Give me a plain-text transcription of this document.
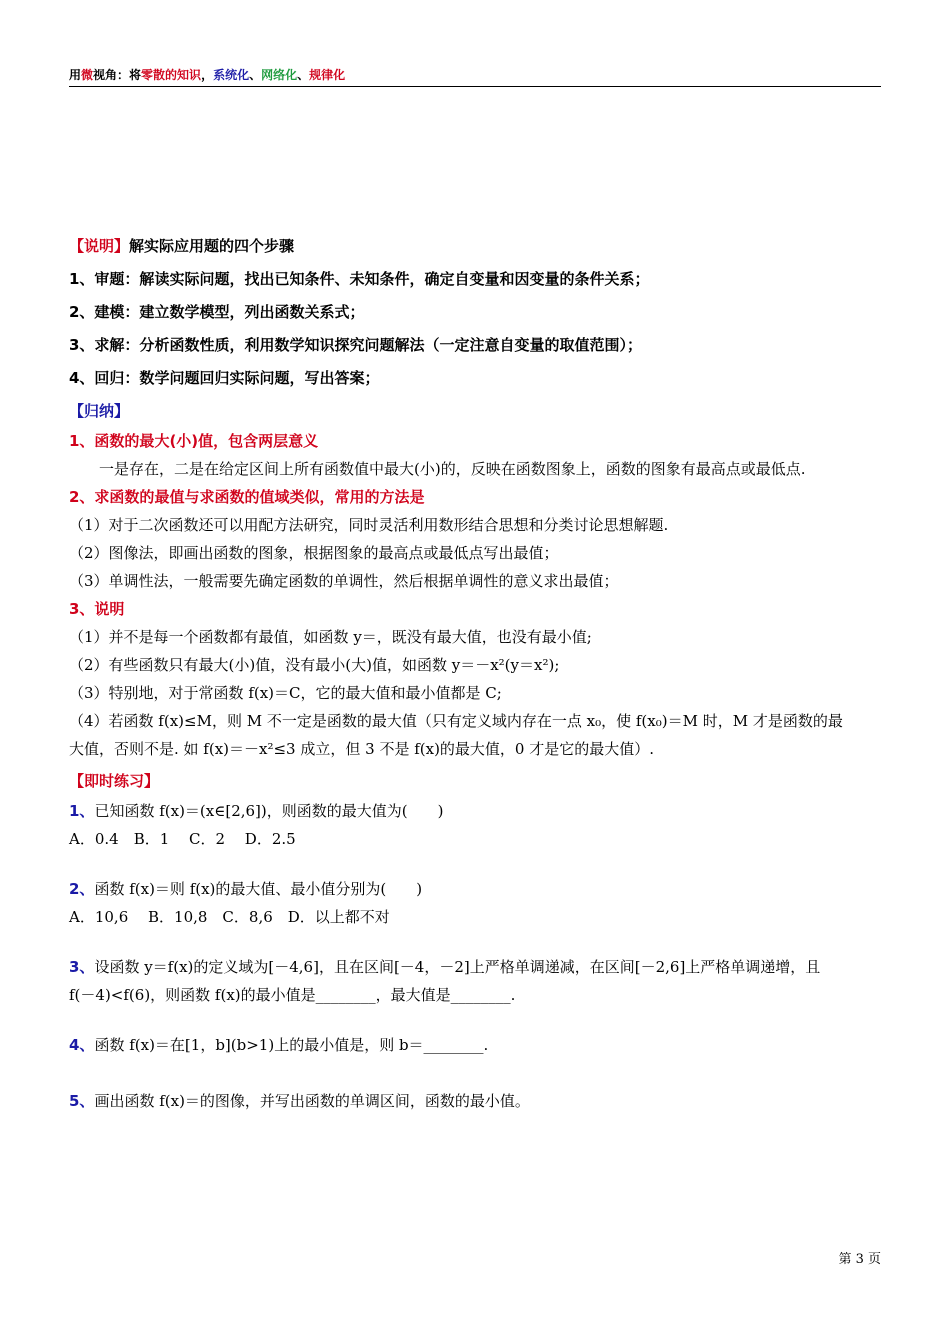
用微视角：将零散的知识，系统化、网络化、规律化
【说明】解实际应用题的四个步骤
1、审题：解读实际问题，找出已知条件、未知条件，确定自变量和因变量的条件关系；
2、建模：建立数学模型，列出函数关系式；
3、求解：分析函数性质，利用数学知识探究问题解法（一定注意自变量的取值范围）；
4、回归：数学问题回归实际问题，写出答案；
【归纳】
1、函数的最大(小)值，包含两层意义
一是存在，二是在给定区间上所有函数值中最大(小)的，反映在函数图象上，函数的图象有最高点或最低点.
2、求函数的最值与求函数的值域类似，常用的方法是
（1）对于二次函数还可以用配方法研究，同时灵活利用数形结合思想和分类讨论思想解题.
（2）图像法，即画出函数的图象，根据图象的最高点或最低点写出最值；
（3）单调性法，一般需要先确定函数的单调性，然后根据单调性的意义求出最值；
3、说明
（1）并不是每一个函数都有最值，如函数 y＝，既没有最大值，也没有最小值;
（2）有些函数只有最大(小)值，没有最小(大)值，如函数 y＝－x²(y＝x²);
（3）特别地，对于常函数 f(x)＝C，它的最大值和最小值都是 C;
（4）若函数 f(x)≤M，则 M 不一定是函数的最大值（只有定义域内存在一点 x₀，使 f(x₀)＝M 时，M 才是函数的最
大值，否则不是. 如 f(x)＝－x²≤3 成立，但 3 不是 f(x)的最大值，0 才是它的最大值）.
【即时练习】
1、已知函数 f(x)＝(x∈[2,6])，则函数的最大值为(　　)
A．0.4　B．1　 C．2　 D．2.5
2、函数 f(x)＝则 f(x)的最大值、最小值分别为(　　)
A．10,6　 B．10,8　C．8,6　D．以上都不对
3、设函数 y＝f(x)的定义域为[－4,6]，且在区间[－4，－2]上严格单调递减，在区间[－2,6]上严格单调递增，且
f(－4)<f(6)，则函数 f(x)的最小值是________，最大值是________.
4、函数 f(x)＝在[1，b](b>1)上的最小值是，则 b＝________.
5、画出函数 f(x)＝的图像，并写出函数的单调区间，函数的最小值。
第 3 页
